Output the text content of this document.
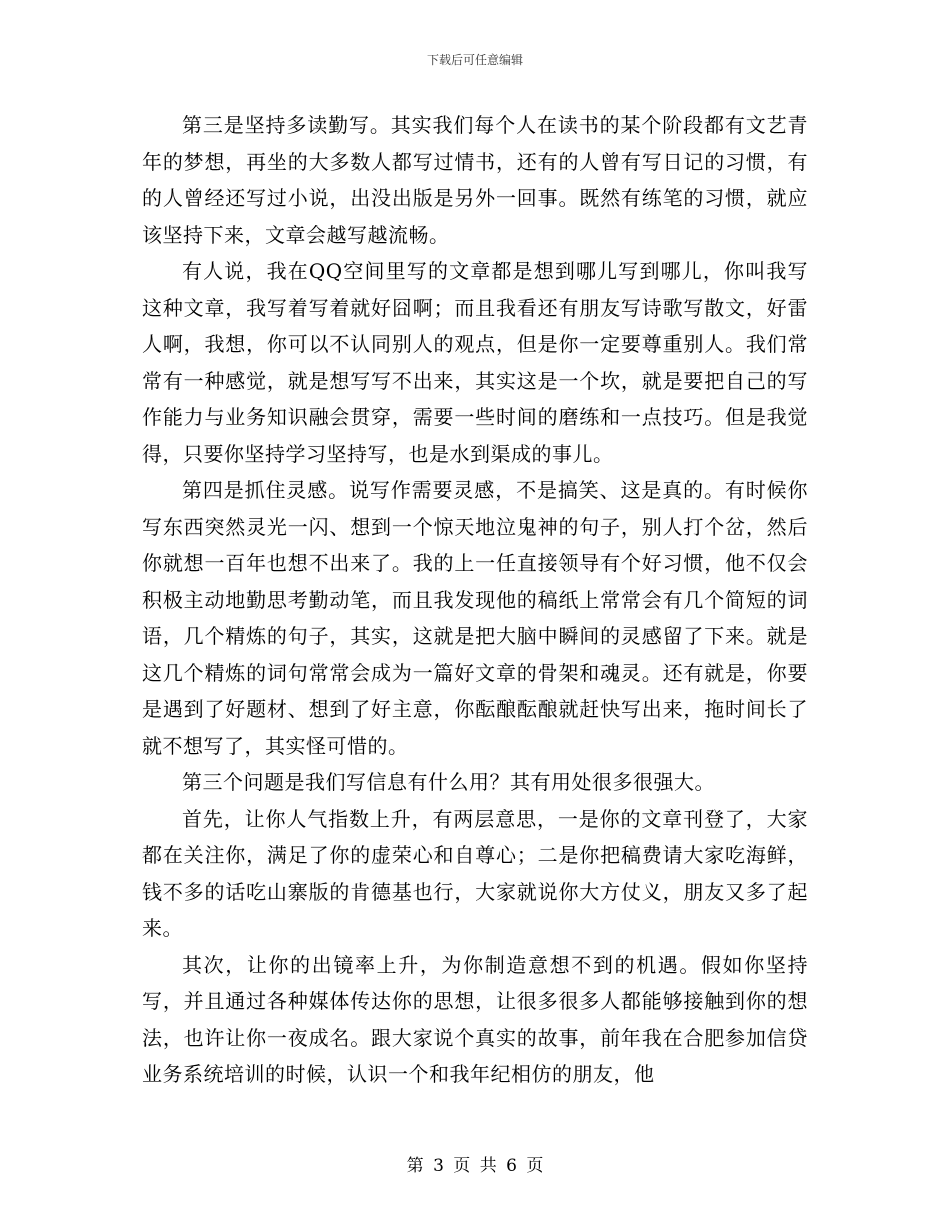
下载后可任意编辑

第三是坚持多读勤写。其实我们每个人在读书的某个阶段都有文艺青年的梦想，再坐的大多数人都写过情书，还有的人曾有写日记的习惯，有的人曾经还写过小说，出没出版是另外一回事。既然有练笔的习惯，就应该坚持下来，文章会越写越流畅。

有人说，我在QQ空间里写的文章都是想到哪儿写到哪儿，你叫我写这种文章，我写着写着就好囧啊；而且我看还有朋友写诗歌写散文，好雷人啊，我想，你可以不认同别人的观点，但是你一定要尊重别人。我们常常有一种感觉，就是想写写不出来，其实这是一个坎，就是要把自己的写作能力与业务知识融会贯穿，需要一些时间的磨练和一点技巧。但是我觉得，只要你坚持学习坚持写，也是水到渠成的事儿。

第四是抓住灵感。说写作需要灵感，不是搞笑、这是真的。有时候你写东西突然灵光一闪、想到一个惊天地泣鬼神的句子，别人打个岔，然后你就想一百年也想不出来了。我的上一任直接领导有个好习惯，他不仅会积极主动地勤思考勤动笔，而且我发现他的稿纸上常常会有几个简短的词语，几个精炼的句子，其实，这就是把大脑中瞬间的灵感留了下来。就是这几个精炼的词句常常会成为一篇好文章的骨架和魂灵。还有就是，你要是遇到了好题材、想到了好主意，你酝酿酝酿就赶快写出来，拖时间长了就不想写了，其实怪可惜的。

第三个问题是我们写信息有什么用？其有用处很多很强大。

首先，让你人气指数上升，有两层意思，一是你的文章刊登了，大家都在关注你，满足了你的虚荣心和自尊心；二是你把稿费请大家吃海鲜，钱不多的话吃山寨版的肯德基也行，大家就说你大方仗义，朋友又多了起来。

其次，让你的出镜率上升，为你制造意想不到的机遇。假如你坚持写，并且通过各种媒体传达你的思想，让很多很多人都能够接触到你的想法，也许让你一夜成名。跟大家说个真实的故事，前年我在合肥参加信贷业务系统培训的时候，认识一个和我年纪相仿的朋友，他

第 3 页 共 6 页
